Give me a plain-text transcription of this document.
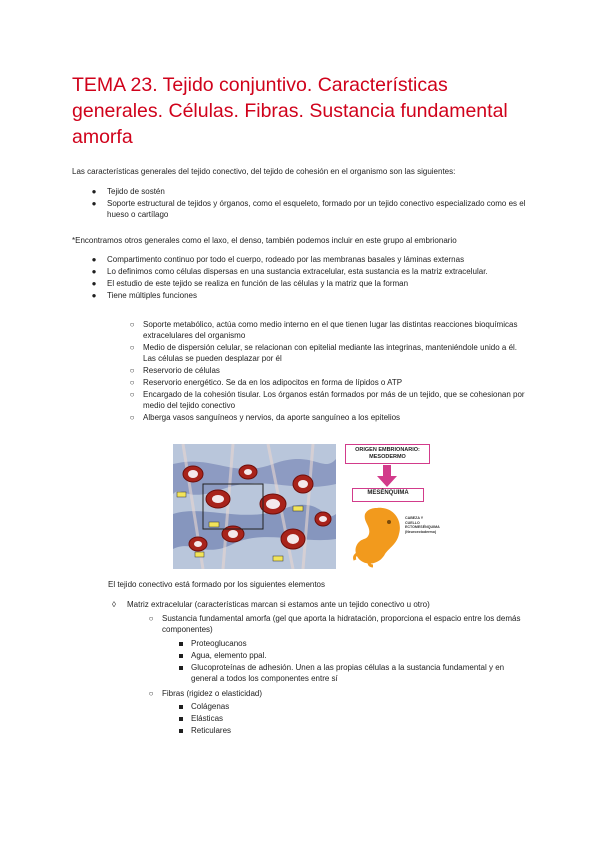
TEMA 23. Tejido conjuntivo. Características generales. Células. Fibras. Sustancia fundamental amorfa

Las características generales del tejido conectivo, del tejido de cohesión en el organismo son las siguientes:

●	Tejido de sostén
●	Soporte estructural de tejidos y órganos, como el esqueleto, formado por un tejido conectivo especializado como es el hueso o cartílago

*Encontramos otros generales como el laxo, el denso, también podemos incluir en este grupo al embrionario

●	Compartimento continuo por todo el cuerpo, rodeado por las membranas basales y láminas externas
●	Lo definimos como células dispersas en una sustancia extracelular, esta sustancia es la matriz extracelular.
●	El estudio de este tejido se realiza en función de las células y la matriz que la forman
●	Tiene múltiples funciones
○	Soporte metabólico, actúa como medio interno en el que tienen lugar las distintas reacciones bioquímicas extracelulares del organismo
○	Medio de dispersión celular, se relacionan con epitelial mediante las integrinas, manteniéndole unido a él. Las células se pueden desplazar por él
○	Reservorio de células
○	Reservorio energético. Se da en los adipocitos en forma de lípidos o ATP
○	Encargado de la cohesión tisular. Los órganos están formados por más de un tejido, que se cohesionan por medio del tejido conectivo
○	Alberga vasos sanguíneos y nervios, da aporte sanguíneo a los epitelios
ORIGEN EMBRIONARIO: MESODERMO
MESÉNQUIMA
CABEZA Y CUELLO ECTOMESÉNQUIMA (Neuroectodermo)

El tejido conectivo está formado por los siguientes elementos

◊	Matriz extracelular (características marcan si estamos ante un tejido conectivo u otro)
○	Sustancia fundamental amorfa (gel que aporta la hidratación, proporciona el espacio entre los demás componentes)
Proteoglucanos
Agua, elemento ppal.
Glucoproteínas de adhesión. Unen a las propias células a la sustancia fundamental y en general a todos los componentes entre sí
○	Fibras (rigidez o elasticidad)
Colágenas
Elásticas
Reticulares
